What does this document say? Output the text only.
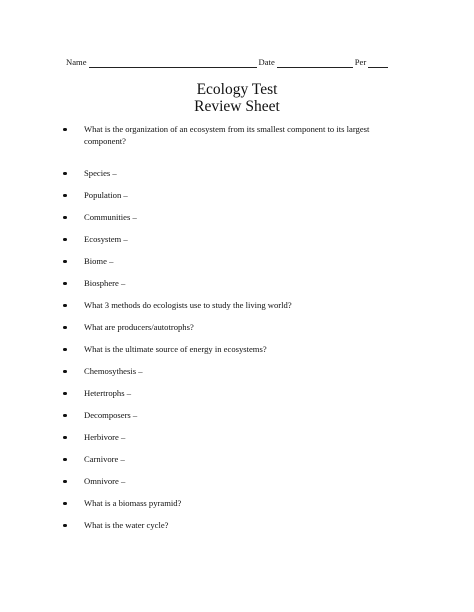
Name	Date	Per
Ecology Test
Review Sheet
What is the organization of an ecosystem from its smallest component to its largest component?
Species –
Population –
Communities –
Ecosystem –
Biome –
Biosphere –
What 3 methods do ecologists use to study the living world?
What are producers/autotrophs?
What is the ultimate source of energy in ecosystems?
Chemosythesis –
Hetertrophs –
Decomposers –
Herbivore –
Carnivore –
Omnivore –
What is a biomass pyramid?
What is the water cycle?
